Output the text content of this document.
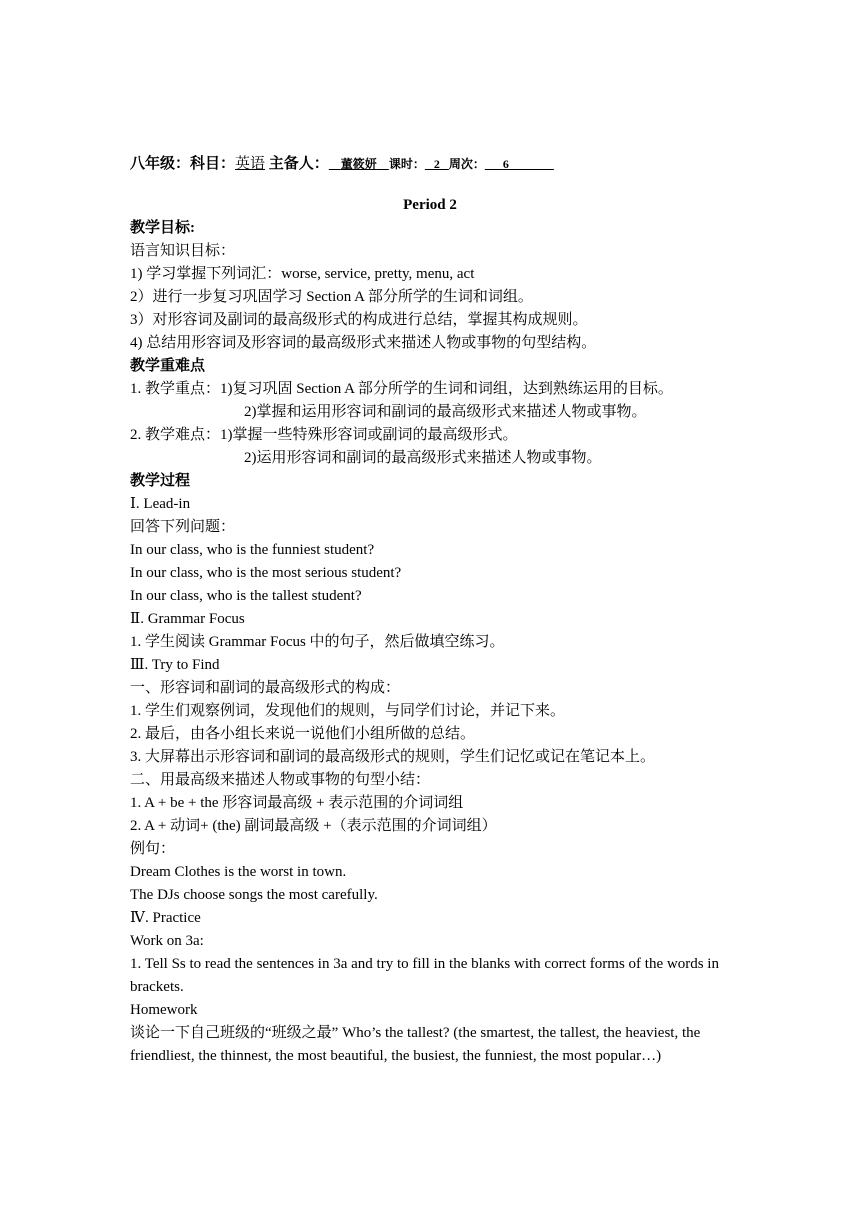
八年级：科目：英语 主备人： 董筱妍 课时： 2 周次： 6
Period 2
教学目标:
语言知识目标：
1) 学习掌握下列词汇：worse, service, pretty, menu, act
2）进行一步复习巩固学习 Section A 部分所学的生词和词组。
3）对形容词及副词的最高级形式的构成进行总结，掌握其构成规则。
4) 总结用形容词及形容词的最高级形式来描述人物或事物的句型结构。
教学重难点
1. 教学重点：1)复习巩固 Section A 部分所学的生词和词组，达到熟练运用的目标。
2)掌握和运用形容词和副词的最高级形式来描述人物或事物。
2. 教学难点：1)掌握一些特殊形容词或副词的最高级形式。
2)运用形容词和副词的最高级形式来描述人物或事物。
教学过程
Ⅰ. Lead-in
回答下列问题：
In our class, who is the funniest student?
In our class, who is the most serious student?
In our class, who is the tallest student?
Ⅱ. Grammar Focus
1. 学生阅读 Grammar Focus 中的句子，然后做填空练习。
Ⅲ. Try to Find
一、形容词和副词的最高级形式的构成：
1. 学生们观察例词，发现他们的规则，与同学们讨论，并记下来。
2. 最后，由各小组长来说一说他们小组所做的总结。
3. 大屏幕出示形容词和副词的最高级形式的规则，学生们记忆或记在笔记本上。
二、用最高级来描述人物或事物的句型小结：
1. A + be + the 形容词最高级 + 表示范围的介词词组
2. A + 动词+ (the) 副词最高级 +（表示范围的介词词组）
例句：
Dream Clothes is the worst in town.
The DJs choose songs the most carefully.
Ⅳ. Practice
Work on 3a:
1. Tell Ss to read the sentences in 3a and try to fill in the blanks with correct forms of the words in brackets.
Homework
谈论一下自己班级的“班级之最” Who’s the tallest? (the smartest, the tallest, the heaviest, the friendliest, the thinnest, the most beautiful, the busiest, the funniest, the most popular…)
